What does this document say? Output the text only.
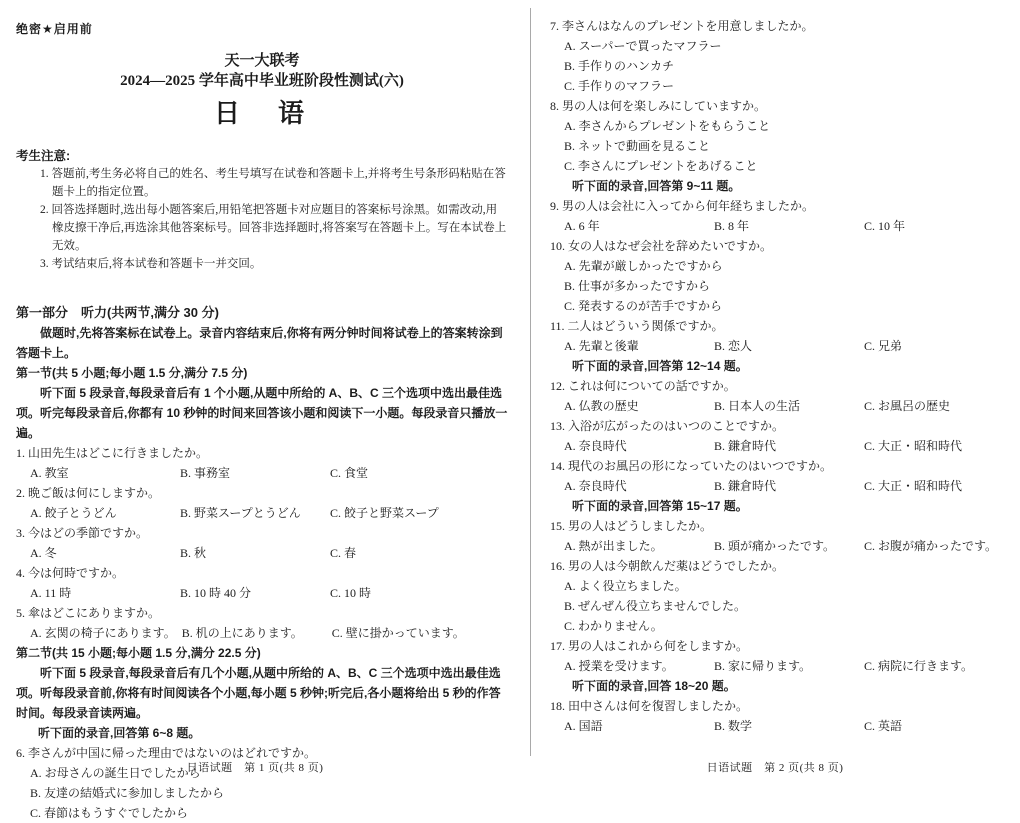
绝密★启用前
天一大联考
2024—2025 学年高中毕业班阶段性测试(六)
日　语
考生注意:
1. 答题前,考生务必将自己的姓名、考生号填写在试卷和答题卡上,并将考生号条形码粘贴在答题卡上的指定位置。
2. 回答选择题时,选出每小题答案后,用铅笔把答题卡对应题目的答案标号涂黑。如需改动,用橡皮擦干净后,再选涂其他答案标号。回答非选择题时,将答案写在答题卡上。写在本试卷上无效。
3. 考试结束后,将本试卷和答题卡一并交回。
第一部分　听力(共两节,满分 30 分)
做题时,先将答案标在试卷上。录音内容结束后,你将有两分钟时间将试卷上的答案转涂到答题卡上。
第一节(共 5 小题;每小题 1.5 分,满分 7.5 分)
听下面 5 段录音,每段录音后有 1 个小题,从题中所给的 A、B、C 三个选项中选出最佳选项。听完每段录音后,你都有 10 秒钟的时间来回答该小题和阅读下一小题。每段录音只播放一遍。
1. 山田先生はどこに行きましたか。
A. 教室	B. 事務室	C. 食堂
2. 晩ご飯は何にしますか。
A. 餃子とうどん	B. 野菜スープとうどん	C. 餃子と野菜スープ
3. 今はどの季節ですか。
A. 冬	B. 秋	C. 春
4. 今は何時ですか。
A. 11 時	B. 10 時 40 分	C. 10 時
5. 傘はどこにありますか。
A. 玄関の椅子にあります。 B. 机の上にあります。	C. 壁に掛かっています。
第二节(共 15 小题;每小题 1.5 分,满分 22.5 分)
听下面 5 段录音,每段录音后有几个小题,从题中所给的 A、B、C 三个选项中选出最佳选项。听每段录音前,你将有时间阅读各个小题,每小题 5 秒钟;听完后,各小题将给出 5 秒的作答时间。每段录音读两遍。
听下面的录音,回答第 6~8 题。
6. 李さんが中国に帰った理由ではないのはどれですか。
A. お母さんの誕生日でしたから
B. 友達の結婚式に参加しましたから
C. 春節はもうすぐでしたから
7. 李さんはなんのプレゼントを用意しましたか。
A. スーパーで買ったマフラー
B. 手作りのハンカチ
C. 手作りのマフラー
8. 男の人は何を楽しみにしていますか。
A. 李さんからプレゼントをもらうこと
B. ネットで動画を見ること
C. 李さんにプレゼントをあげること
听下面的录音,回答第 9~11 题。
9. 男の人は会社に入ってから何年経ちましたか。
A. 6 年	B. 8 年	C. 10 年
10. 女の人はなぜ会社を辞めたいですか。
A. 先輩が厳しかったですから
B. 仕事が多かったですから
C. 発表するのが苦手ですから
11. 二人はどういう関係ですか。
A. 先輩と後輩	B. 恋人	C. 兄弟
听下面的录音,回答第 12~14 题。
12. これは何についての話ですか。
A. 仏教の歴史	B. 日本人の生活	C. お風呂の歴史
13. 入浴が広がったのはいつのことですか。
A. 奈良時代	B. 鎌倉時代	C. 大正・昭和時代
14. 現代のお風呂の形になっていたのはいつですか。
A. 奈良時代	B. 鎌倉時代	C. 大正・昭和時代
听下面的录音,回答第 15~17 题。
15. 男の人はどうしましたか。
A. 熱が出ました。	B. 頭が痛かったです。	C. お腹が痛かったです。
16. 男の人は今朝飲んだ薬はどうでしたか。
A. よく役立ちました。
B. ぜんぜん役立ちませんでした。
C. わかりません。
17. 男の人はこれから何をしますか。
A. 授業を受けます。	B. 家に帰ります。	C. 病院に行きます。
听下面的录音,回答 18~20 题。
18. 田中さんは何を復習しましたか。
A. 国語	B. 数学	C. 英語
日语试题　第 1 页(共 8 页)	日语试题　第 2 页(共 8 页)
